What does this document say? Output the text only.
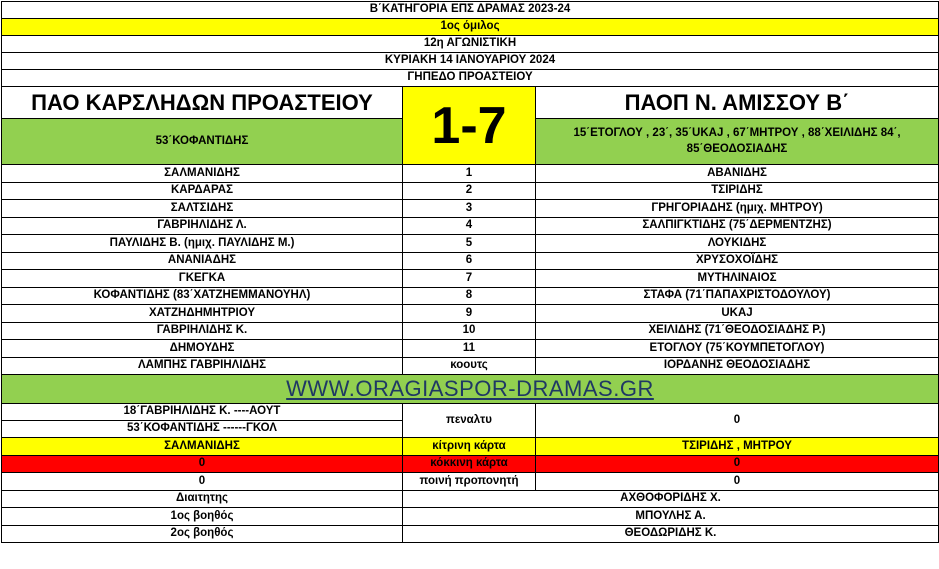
Β΄ΚΑΤΗΓΟΡΙΑ ΕΠΣ ΔΡΑΜΑΣ 2023-24		
1ος όμιλος		
12η ΑΓΩΝΙΣΤΙΚΗ		
ΚΥΡΙΑΚΗ 14 ΙΑΝΟΥΑΡΙΟΥ 2024		
ΓΗΠΕΔΟ ΠΡΟΑΣΤΕΙΟΥ		
ΠΑΟ ΚΑΡΣΛΗΔΩΝ ΠΡΟΑΣΤΕΙΟΥ	1-7	ΠΑΟΠ Ν. ΑΜΙΣΣΟΥ Β΄
53΄ΚΟΦΑΝΤΙΔΗΣ		15΄ΕΤΟΓΛΟΥ , 23΄, 35΄UKAJ , 67΄ΜΗΤΡΟΥ , 88΄ΧΕΙΛΙΔΗΣ 84΄, 85΄ΘΕΟΔΟΣΙΑΔΗΣ
ΣΑΛΜΑΝΙΔΗΣ	1	ΑΒΑΝΙΔΗΣ
ΚΑΡΔΑΡΑΣ	2	ΤΣΙΡΙΔΗΣ
ΣΑΛΤΣΙΔΗΣ	3	ΓΡΗΓΟΡΙΑΔΗΣ (ημιχ. ΜΗΤΡΟΥ)
ΓΑΒΡΙΗΛΙΔΗΣ Λ.	4	ΣΑΛΠΙΓΚΤΙΔΗΣ (75΄ΔΕΡΜΕΝΤΖΗΣ)
ΠΑΥΛΙΔΗΣ Β. (ημιχ. ΠΑΥΛΙΔΗΣ Μ.)	5	ΛΟΥΚΙΔΗΣ
ΑΝΑΝΙΑΔΗΣ	6	ΧΡΥΣΟΧΟΪΔΗΣ
ΓΚΕΓΚΑ	7	ΜΥΤΗΛΙΝΑΙΟΣ
ΚΟΦΑΝΤΙΔΗΣ (83΄ΧΑΤΖΗΕΜΜΑΝΟΥΗΛ)	8	ΣΤΑΦΑ (71΄ΠΑΠΑΧΡΙΣΤΟΔΟΥΛΟΥ)
ΧΑΤΖΗΔΗΜΗΤΡΙΟΥ	9	UKAJ
ΓΑΒΡΙΗΛΙΔΗΣ Κ.	10	ΧΕΙΛΙΔΗΣ (71΄ΘΕΟΔΟΣΙΑΔΗΣ Ρ.)
ΔΗΜΟΥΔΗΣ	11	ΕΤΟΓΛΟΥ (75΄ΚΟΥΜΠΕΤΟΓΛΟΥ)
ΛΑΜΠΗΣ ΓΑΒΡΙΗΛΙΔΗΣ	κοουτς	ΙΟΡΔΑΝΗΣ ΘΕΟΔΟΣΙΑΔΗΣ
WWW.ORAGIASPOR-DRAMAS.GR		
18΄ΓΑΒΡΙΗΛΙΔΗΣ Κ. ----ΑΟΥΤ	πεναλτυ	0
53΄ΚΟΦΑΝΤΙΔΗΣ ------ΓΚΟΛ		
ΣΑΛΜΑΝΙΔΗΣ	κίτρινη κάρτα	ΤΣΙΡΙΔΗΣ , ΜΗΤΡΟΥ
0	κόκκινη κάρτα	0
0	ποινή προπονητή	0
Διαιτητης	ΑΧΘΟΦΟΡΙΔΗΣ Χ.	
1ος βοηθός	ΜΠΟΥΛΗΣ Α.	
2ος βοηθός	ΘΕΟΔΩΡΙΔΗΣ Κ.	
